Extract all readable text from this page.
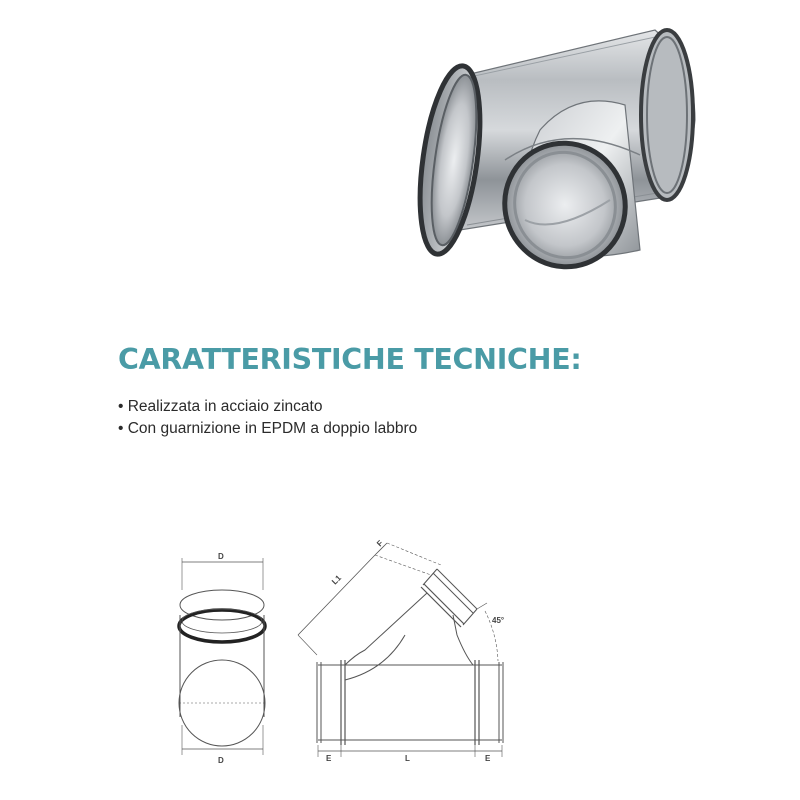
CARATTERISTICHE TECNICHE:
• Realizzata in acciaio zincato
• Con guarnizione in EPDM a doppio labbro
D
D
F
L1
45°
E	L	E
